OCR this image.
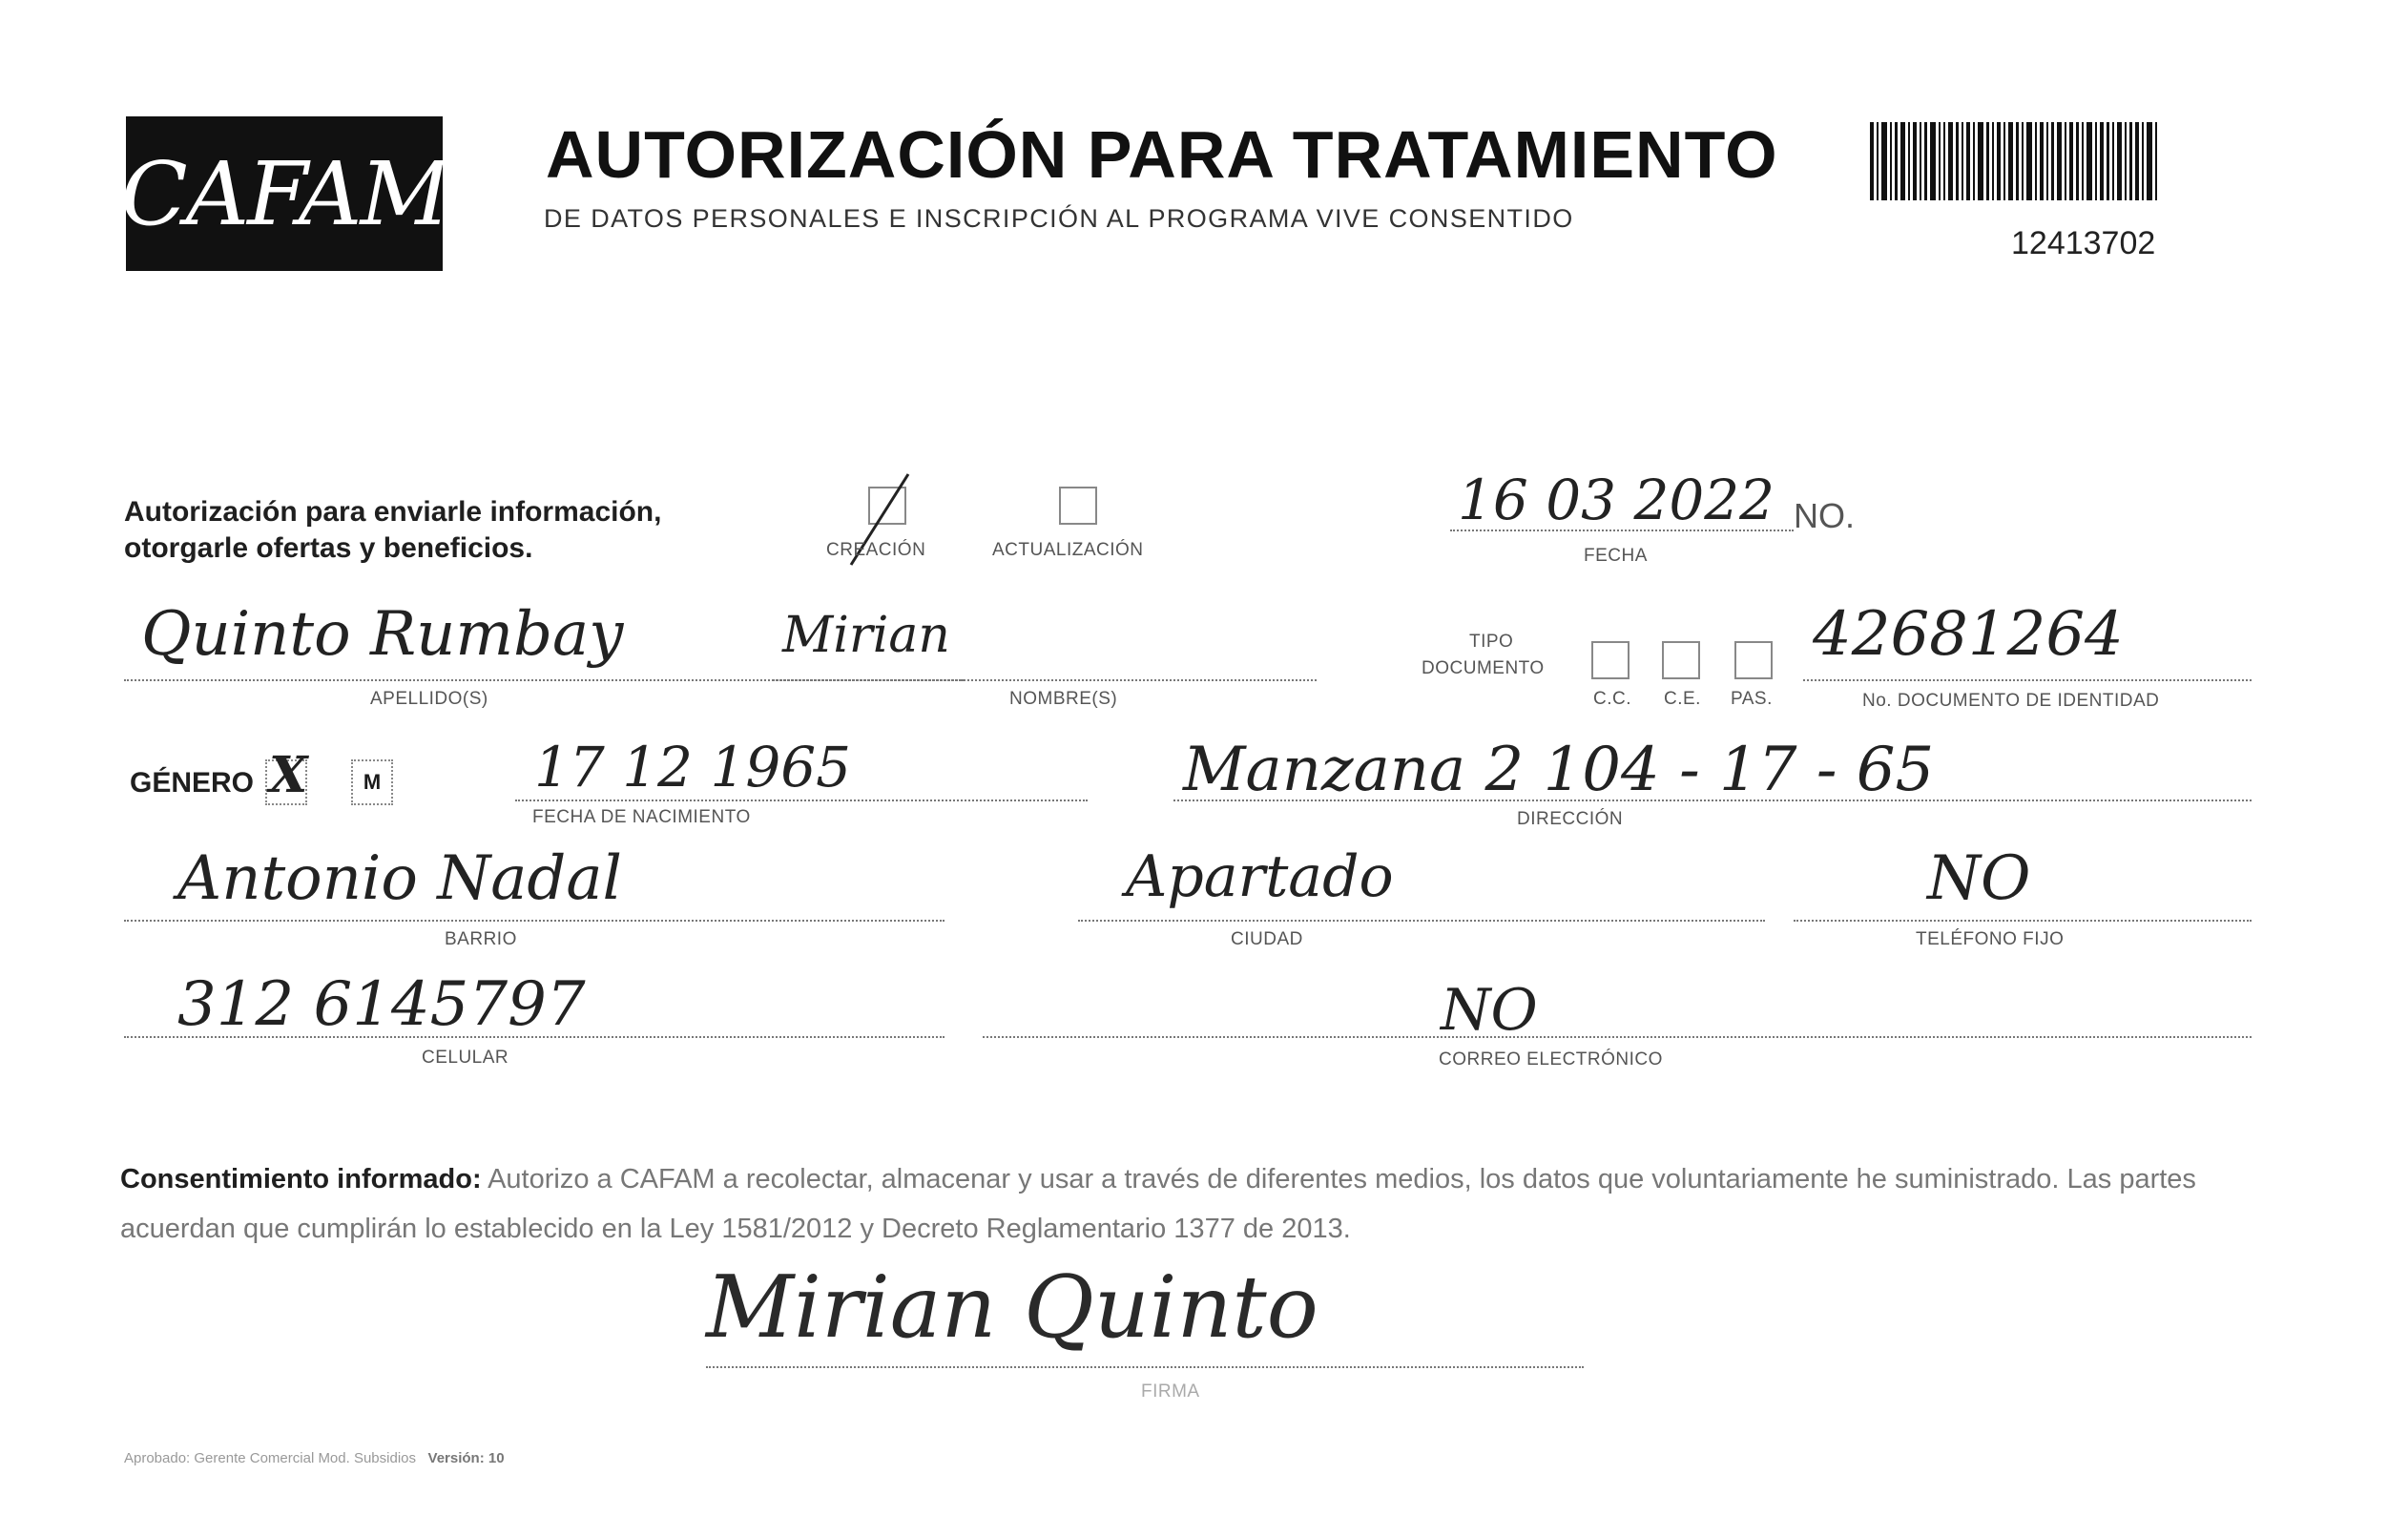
CAFAM AUTORIZACIÓN PARA TRATAMIENTO
DE DATOS PERSONALES E INSCRIPCIÓN AL PROGRAMA VIVE CONSENTIDO
12413702
Autorización para enviarle información,
otorgarle ofertas y beneficios.	CREACIÓN	ACTUALIZACIÓN
16 03 2022
FECHA
NO.
Quinto Rumbay
APELLIDO(S)
Mirian
NOMBRE(S)
TIPO
DOCUMENTO
C.C. C.E. PAS.
42681264
No. DOCUMENTO DE IDENTIDAD
GÉNERO X	M	17 12 1965
FECHA DE NACIMIENTO
Manzana 2 104 - 17 - 65
DIRECCIÓN
Antonio Nadal
BARRIO
Apartado
CIUDAD
NO
TELÉFONO FIJO
312 6145797
CELULAR
NO
CORREO ELECTRÓNICO
Consentimiento informado: Autorizo a CAFAM a recolectar, almacenar y usar a través de diferentes medios, los datos que voluntariamente he suministrado. Las partes acuerdan que cumplirán lo establecido en la Ley 1581/2012 y Decreto Reglamentario 1377 de 2013.
Mirian Quinto
FIRMA
Aprobado: Gerente Comercial Mod. Subsidios Versión: 10
